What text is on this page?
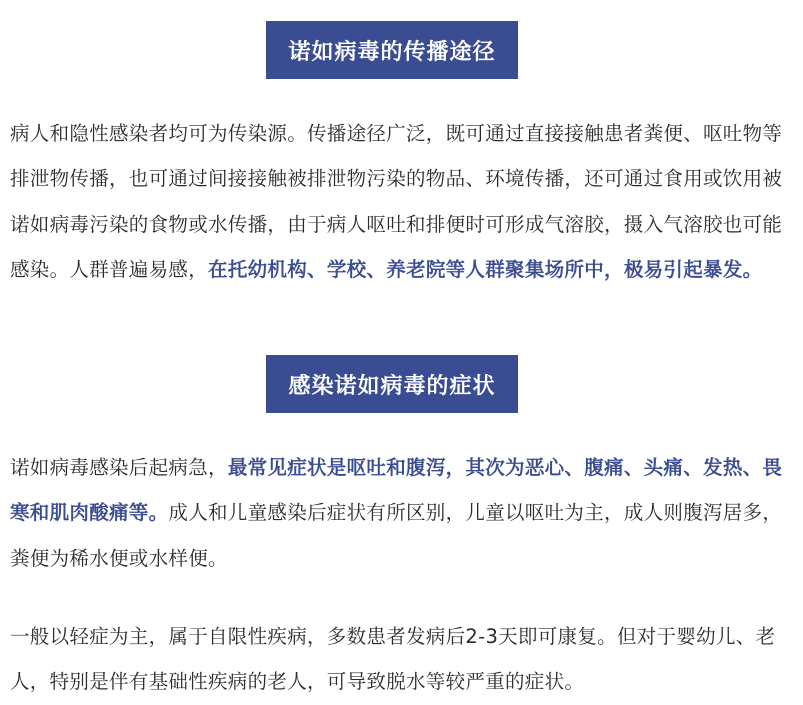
诺如病毒的传播途径

病人和隐性感染者均可为传染源。传播途径广泛，既可通过直接接触患者粪便、呕吐物等排泄物传播，也可通过间接接触被排泄物污染的物品、环境传播，还可通过食用或饮用被诺如病毒污染的食物或水传播，由于病人呕吐和排便时可形成气溶胶，摄入气溶胶也可能感染。人群普遍易感，在托幼机构、学校、养老院等人群聚集场所中，极易引起暴发。

感染诺如病毒的症状

诺如病毒感染后起病急，最常见症状是呕吐和腹泻，其次为恶心、腹痛、头痛、发热、畏寒和肌肉酸痛等。成人和儿童感染后症状有所区别，儿童以呕吐为主，成人则腹泻居多，粪便为稀水便或水样便。

一般以轻症为主，属于自限性疾病，多数患者发病后2-3天即可康复。但对于婴幼儿、老人，特别是伴有基础性疾病的老人，可导致脱水等较严重的症状。
